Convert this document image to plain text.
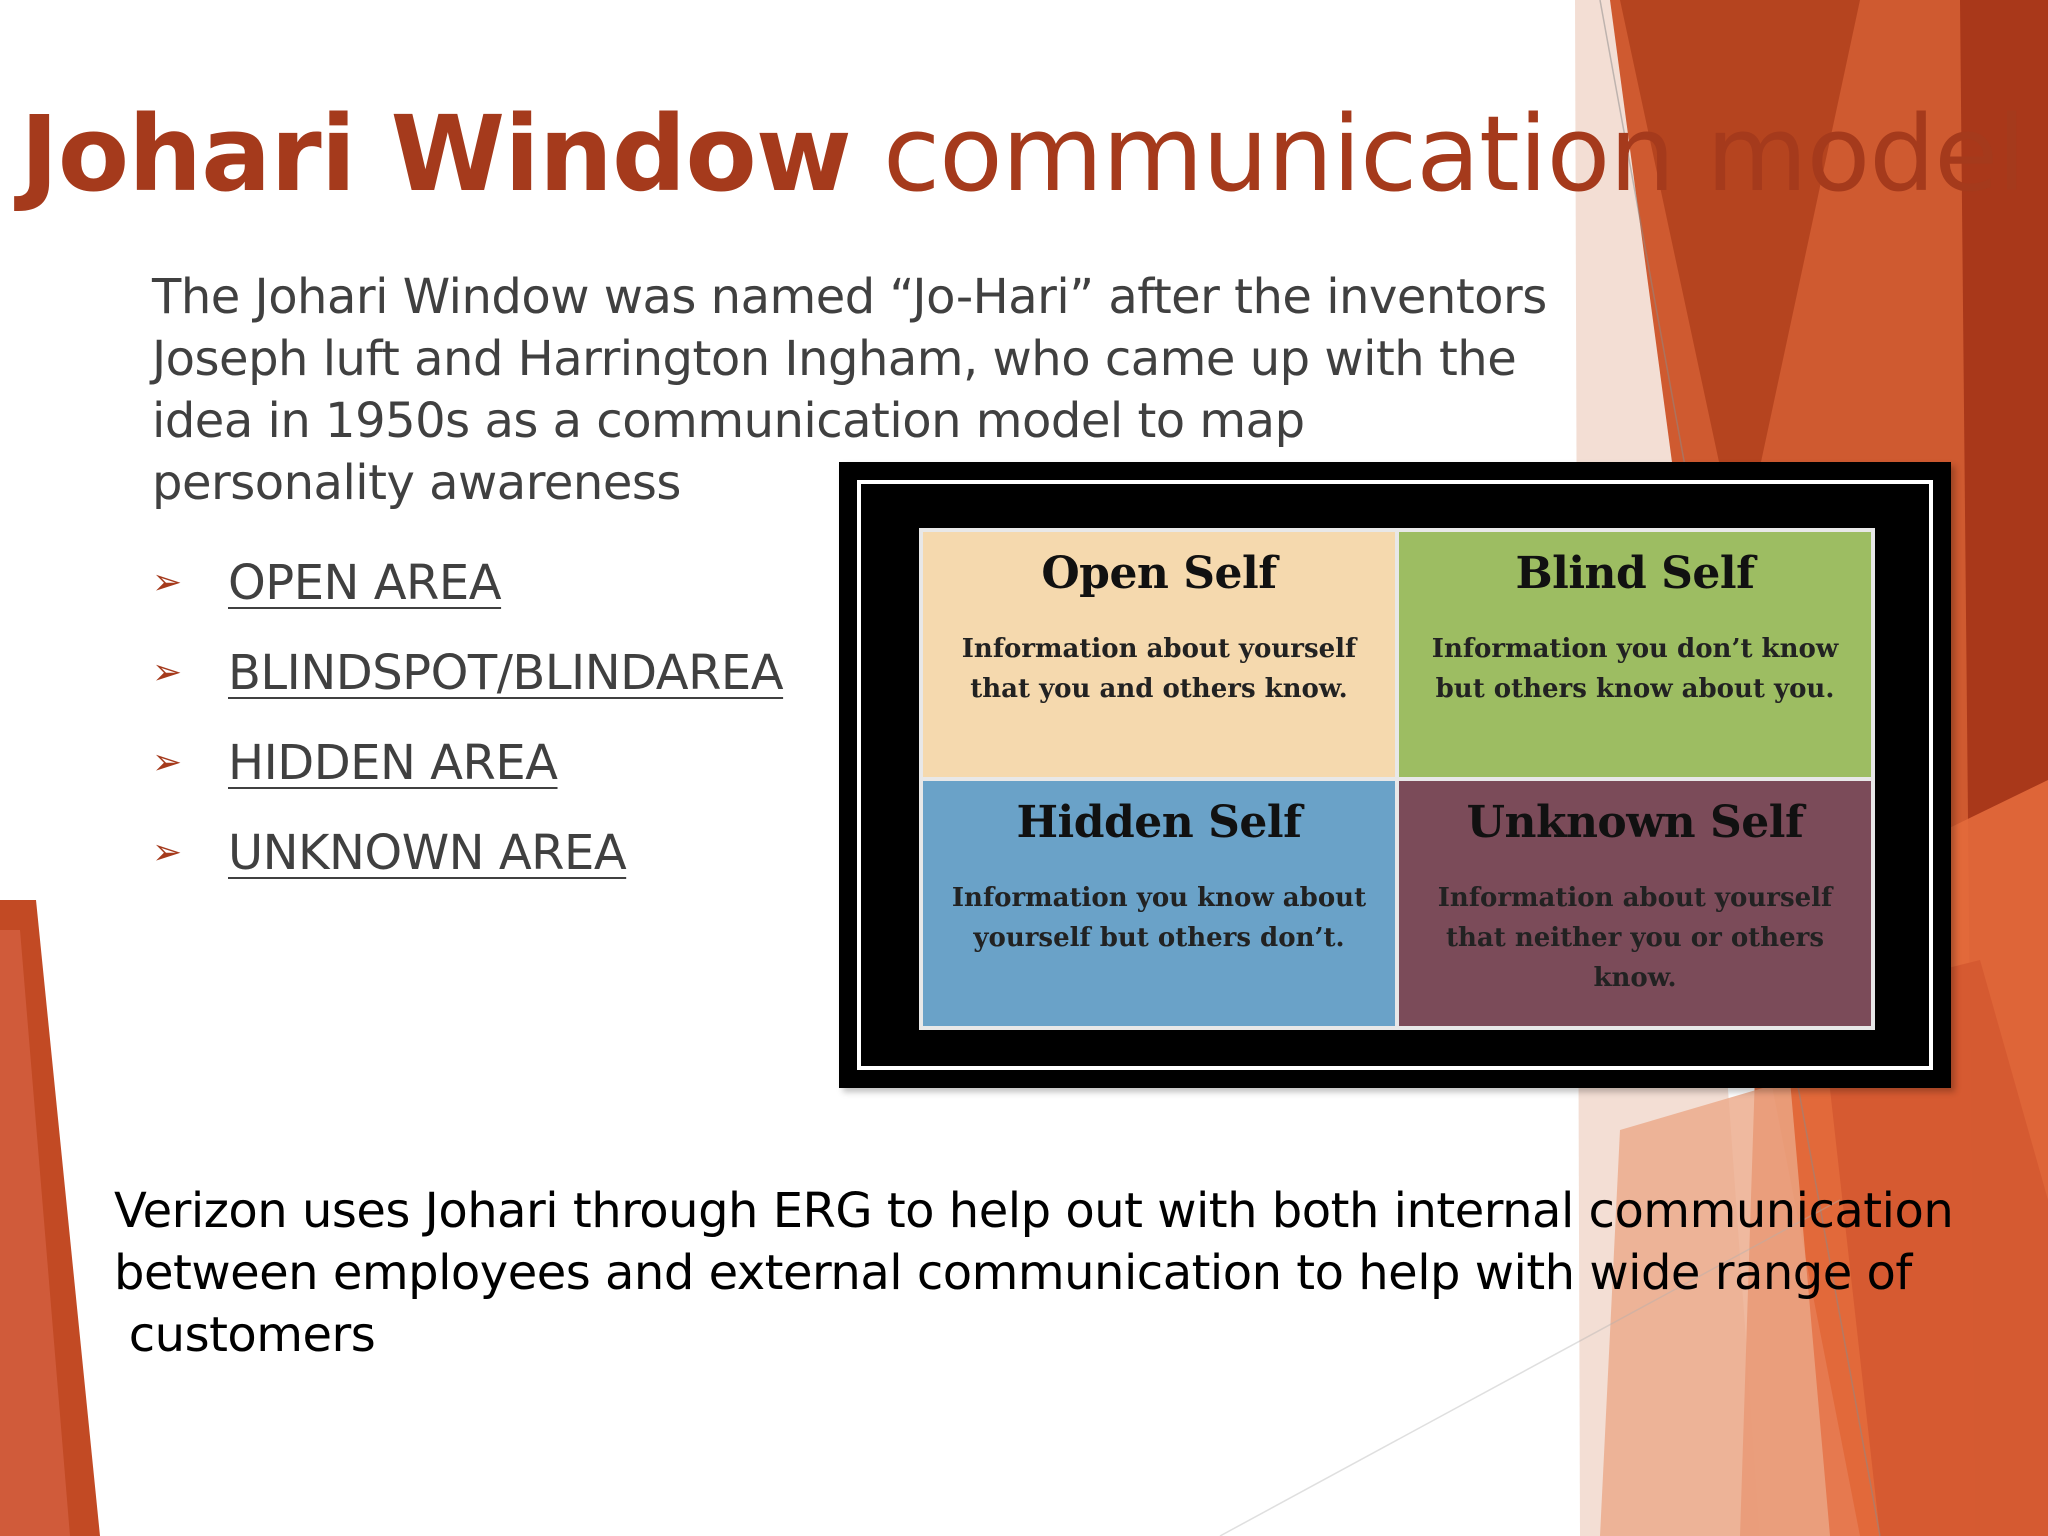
Johari Window communication model

The Johari Window was named “Jo-Hari” after the inventors Joseph luft and Harrington Ingham, who came up with the idea in 1950s as a communication model to map personality awareness

➢ OPEN AREA
➢ BLINDSPOT/BLINDAREA
➢ HIDDEN AREA
➢ UNKNOWN AREA
Open Self
Information about yourself that you and others know.
Blind Self
Information you don’t know but others know about you.
Hidden Self
Information you know about yourself but others don’t.
Unknown Self
Information about yourself that neither you or others know.

Verizon uses Johari through ERG to help out with both internal communication
between employees and external communication to help with wide range of
customers
